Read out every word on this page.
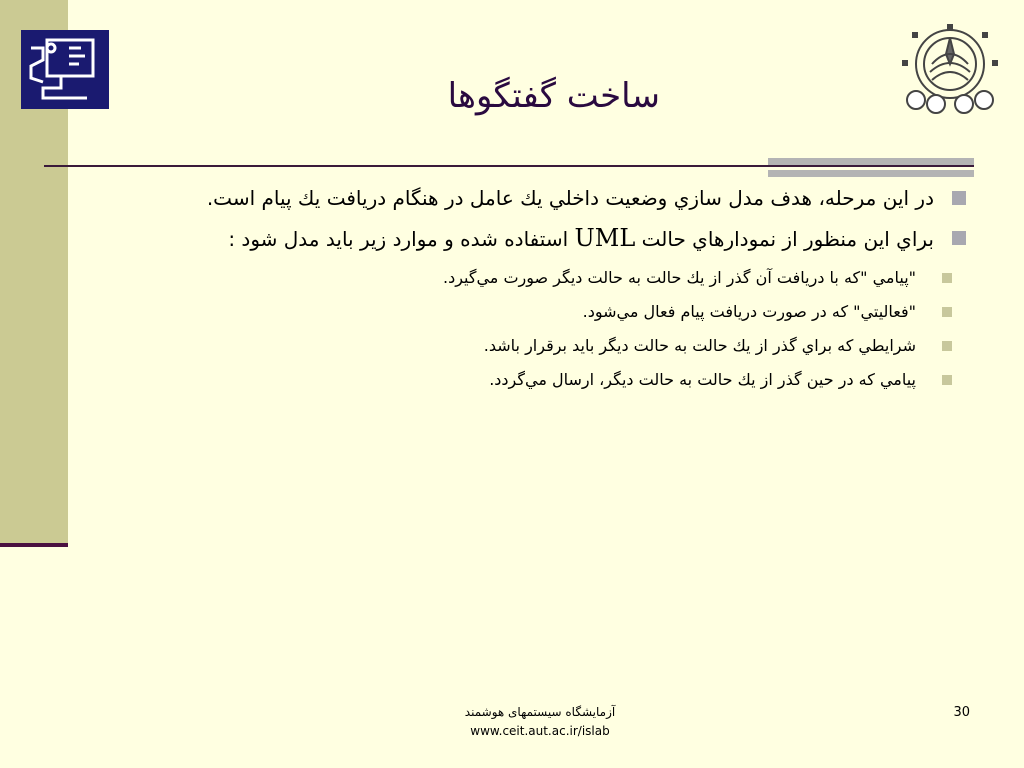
ساخت گفتگوها
در اين مرحله، هدف مدل سازي وضعيت داخلي يك عامل در هنگام دريافت يك پيام است.
براي اين منظور از نمودارهاي حالت UML استفاده شده و موارد زير بايد مدل شود :
"پيامي "كه با دريافت آن گذر از يك حالت به حالت ديگر صورت مي‌گيرد.
"فعاليتي" كه در صورت دريافت پيام فعال مي‌شود.
شرايطي كه براي گذر از يك حالت به حالت ديگر بايد برقرار باشد.
پيامي كه در حين گذر از يك حالت به حالت ديگر، ارسال مي‌گردد.
آزمايشگاه سيستمهای هوشمند
www.ceit.aut.ac.ir/islab
30
